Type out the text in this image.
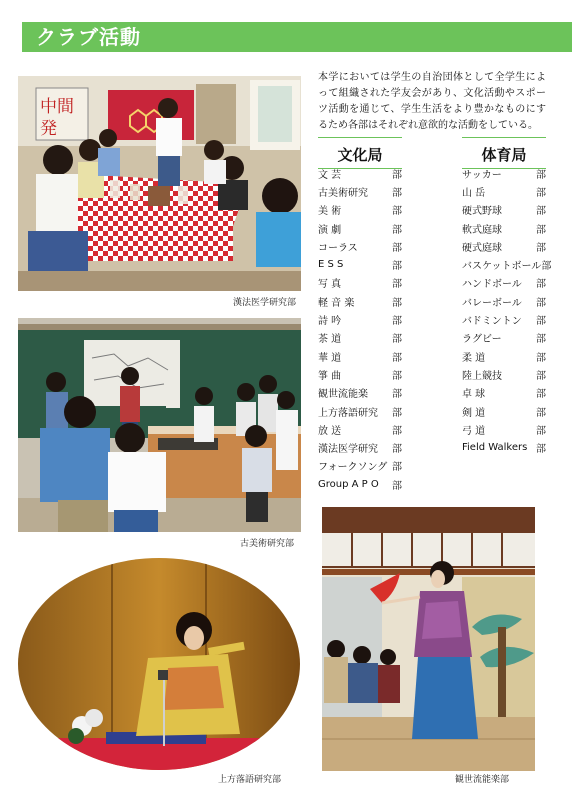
クラブ活動
中間
発
漢法医学研究部
古美術研究部
上方落語研究部
本学においては学生の自治団体として全学生によって組織された学友会があり、文化活動やスポーツ活動を通じて、学生生活をより豊かなものにするため各部はそれぞれ意欲的な活動をしている。
文化局
文 芸	部
古美術研究 部
美 術	部
演 劇	部
コーラス	部
E S S	部
写 真	部
軽 音 楽	部
詩 吟	部
茶 道	部
華 道	部
箏 曲	部
観世流能楽 部
上方落語研究 部
放 送	部
漢法医学研究 部
フォークソング 部
Group A P O 部
体育局
サッカー	部
山 岳	部
硬式野球	部
軟式庭球	部
硬式庭球	部
バスケットボール 部
ハンドボール 部
バレーボール 部
バドミントン 部
ラグビー	部
柔 道	部
陸上競技	部
卓 球	部
剣 道	部
弓 道	部
Field Walkers 部
観世流能楽部
